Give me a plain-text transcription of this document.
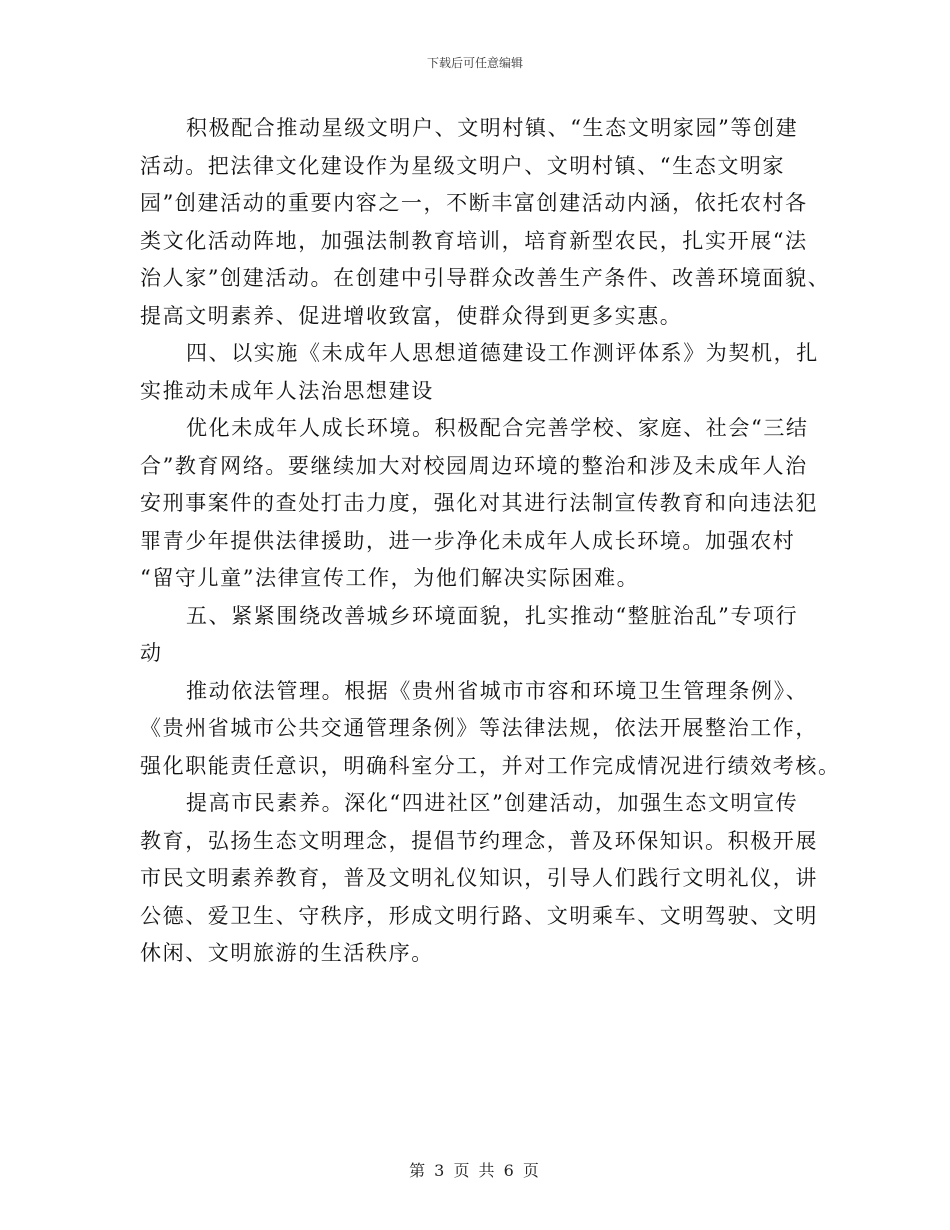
下载后可任意编辑
积极配合推动星级文明户、文明村镇、“生态文明家园”等创建
活动。把法律文化建设作为星级文明户、文明村镇、“生态文明家
园”创建活动的重要内容之一，不断丰富创建活动内涵，依托农村各
类文化活动阵地，加强法制教育培训，培育新型农民，扎实开展“法
治人家”创建活动。在创建中引导群众改善生产条件、改善环境面貌、
提高文明素养、促进增收致富，使群众得到更多实惠。
四、以实施《未成年人思想道德建设工作测评体系》为契机，扎
实推动未成年人法治思想建设
优化未成年人成长环境。积极配合完善学校、家庭、社会“三结
合”教育网络。要继续加大对校园周边环境的整治和涉及未成年人治
安刑事案件的查处打击力度，强化对其进行法制宣传教育和向违法犯
罪青少年提供法律援助，进一步净化未成年人成长环境。加强农村
“留守儿童”法律宣传工作，为他们解决实际困难。
五、紧紧围绕改善城乡环境面貌，扎实推动“整脏治乱”专项行
动
推动依法管理。根据《贵州省城市市容和环境卫生管理条例》、
《贵州省城市公共交通管理条例》等法律法规，依法开展整治工作，
强化职能责任意识，明确科室分工，并对工作完成情况进行绩效考核。
提高市民素养。深化“四进社区”创建活动，加强生态文明宣传
教育，弘扬生态文明理念，提倡节约理念，普及环保知识。积极开展
市民文明素养教育，普及文明礼仪知识，引导人们践行文明礼仪，讲
公德、爱卫生、守秩序，形成文明行路、文明乘车、文明驾驶、文明
休闲、文明旅游的生活秩序。
第 3 页 共 6 页
